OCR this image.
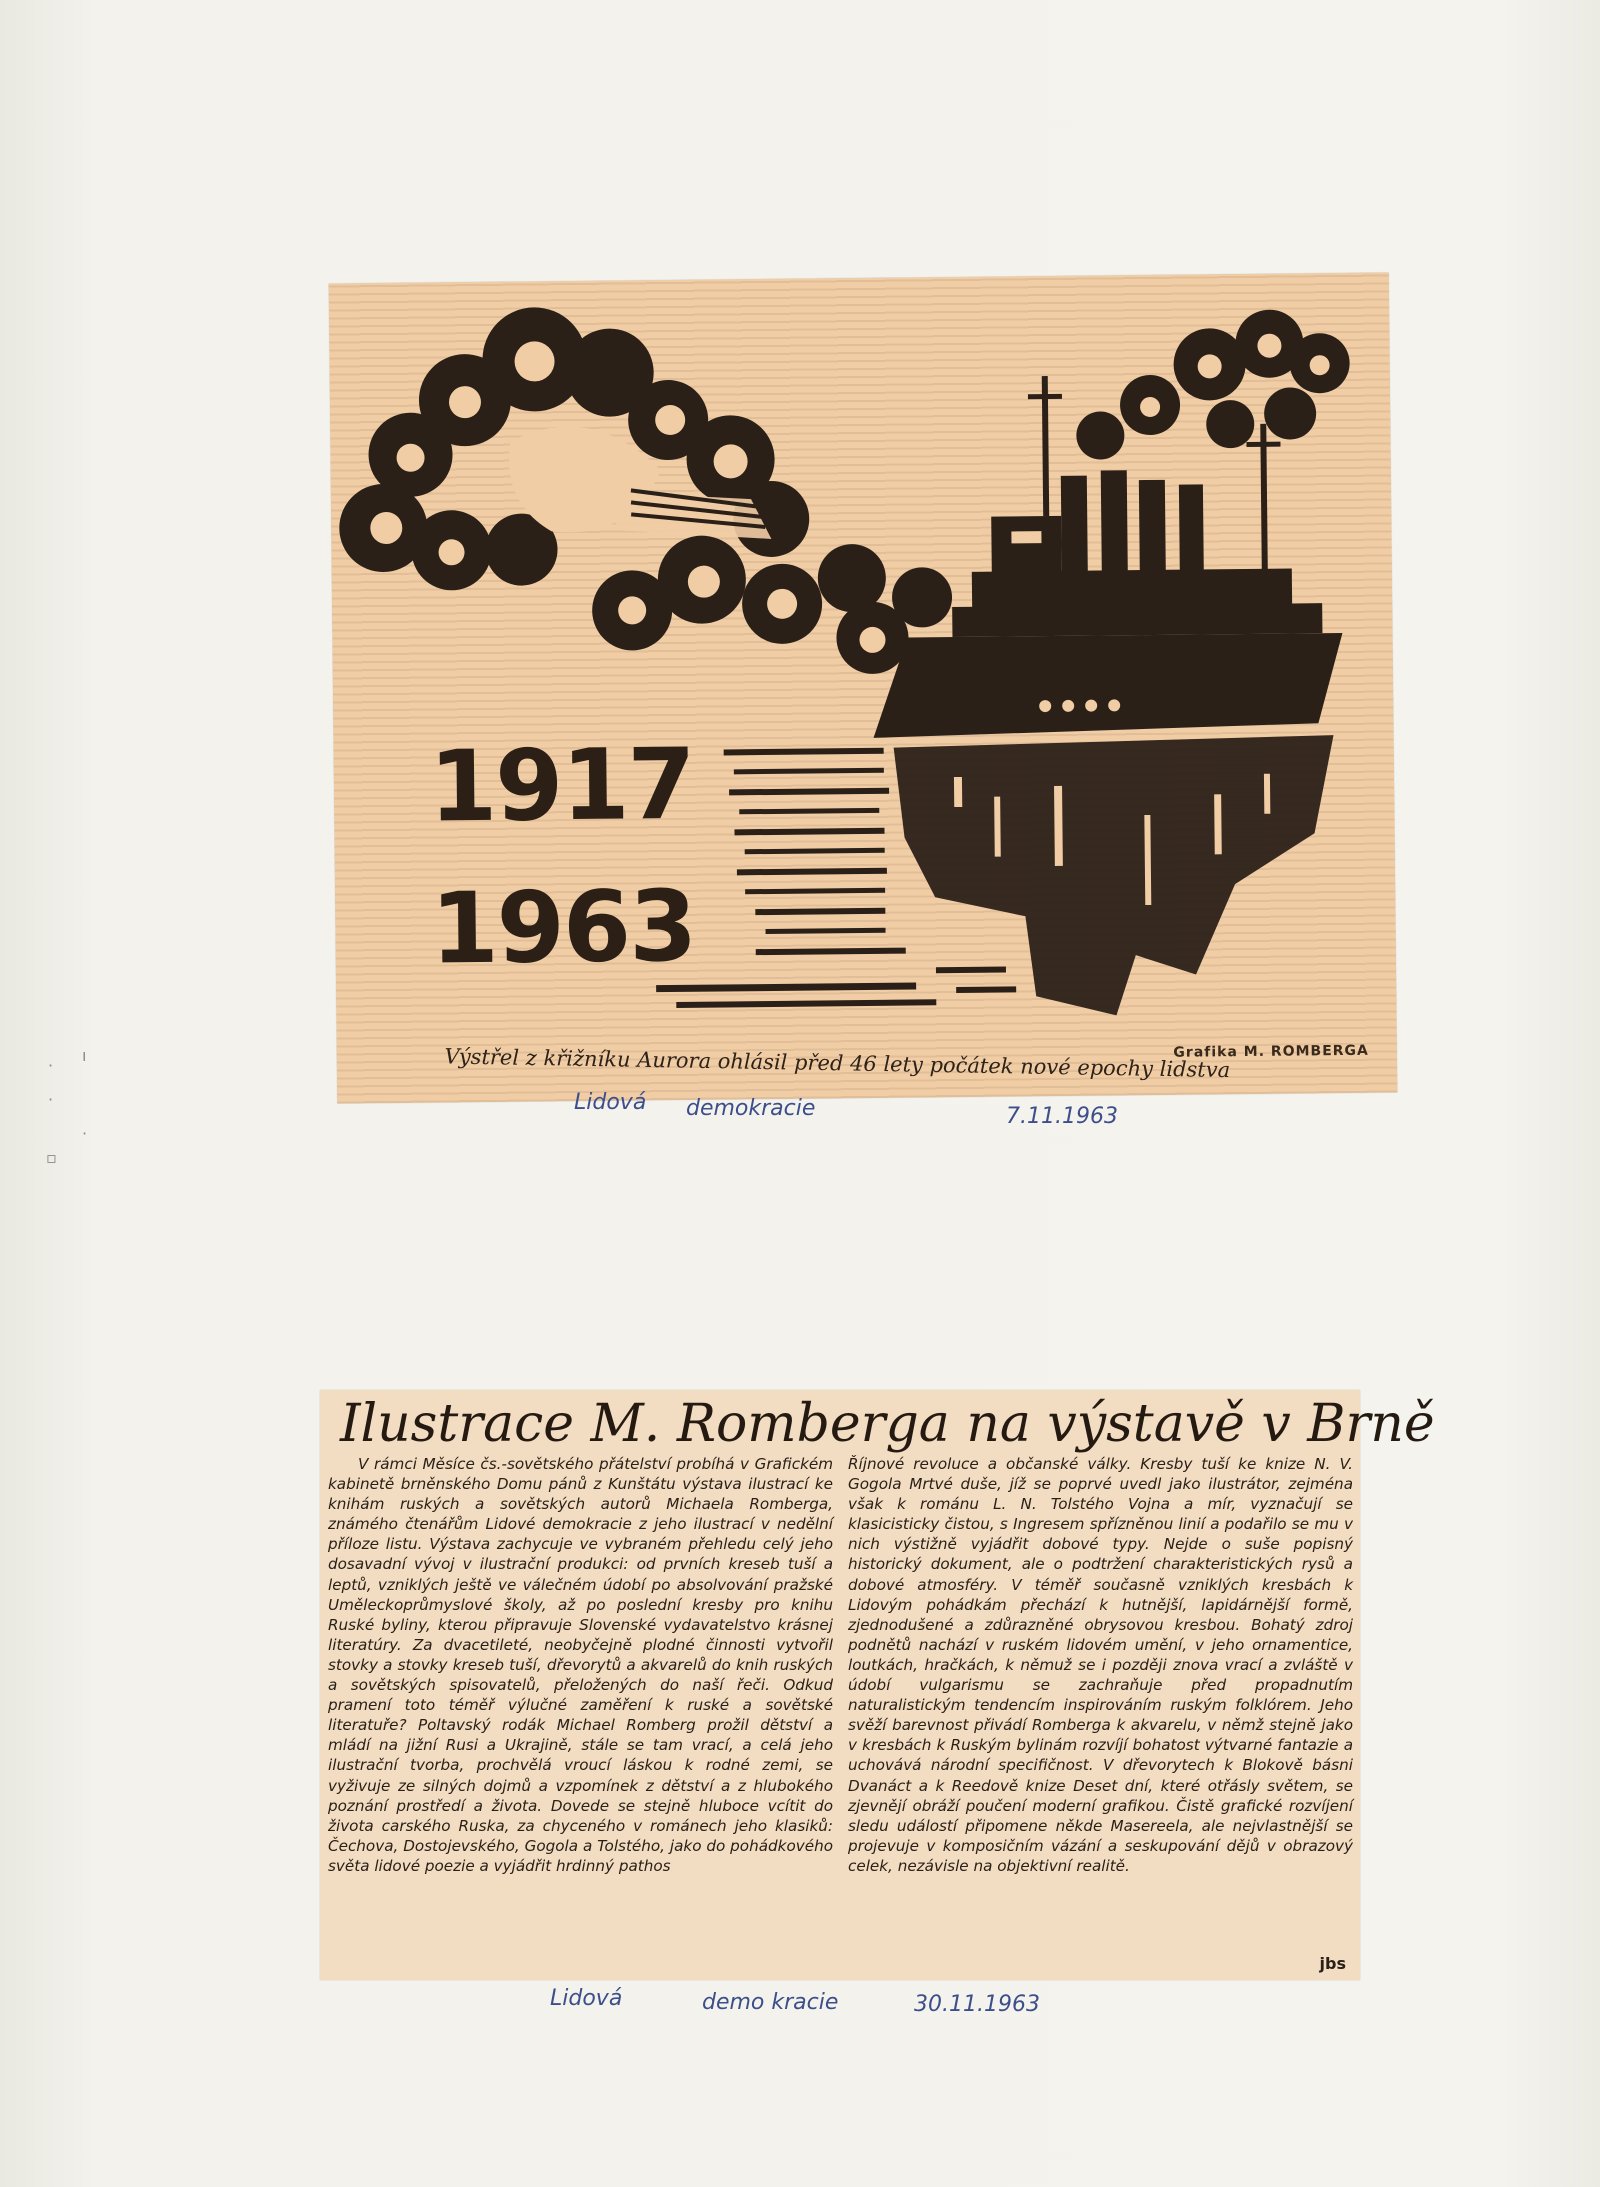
·
ı
·
▫
·
1917
1963
Grafika M. ROMBERGA
Výstřel z křižníku Aurora ohlásil před 46 lety počátek nové epochy lidstva
Lidová demokracie	7.11.1963
Ilustrace M. Romberga na výstavě v Brně
V rámci Měsíce čs.-sovětského přátelství probíhá v Grafickém kabinetě brněnského Domu pánů z Kunštátu výstava ilustrací ke knihám ruských a sovětských autorů Michaela Romberga, známého čtenářům Lidové demokracie z jeho ilustrací v nedělní příloze listu. Výstava zachycuje ve vybraném přehledu celý jeho dosavadní vývoj v ilustrační produkci: od prvních kreseb tuší a leptů, vzniklých ještě ve válečném údobí po absolvování pražské Uměleckoprůmyslové školy, až po poslední kresby pro knihu Ruské byliny, kterou připravuje Slovenské vydavatelstvo krásnej literatúry. Za dvacetileté, neobyčejně plodné činnosti vytvořil stovky a stovky kreseb tuší, dřevorytů a akvarelů do knih ruských a sovětských spisovatelů, přeložených do naší řeči. Odkud pramení toto téměř výlučné zaměření k ruské a sovětské literatuře? Poltavský rodák Michael Romberg prožil dětství a mládí na jižní Rusi a Ukrajině, stále se tam vrací, a celá jeho ilustrační tvorba, prochvělá vroucí láskou k rodné zemi, se vyživuje ze silných dojmů a vzpomínek z dětství a z hlubokého poznání prostředí a života. Dovede se stejně hluboce vcítit do života carského Ruska, za chyceného v románech jeho klasiků: Čechova, Dostojevského, Gogola a Tolstého, jako do pohádkového světa lidové poezie a vyjádřit hrdinný pathos
Říjnové revoluce a občanské války. Kresby tuší ke knize N. V. Gogola Mrtvé duše, jíž se poprvé uvedl jako ilustrátor, zejména však k románu L. N. Tolstého Vojna a mír, vyznačují se klasicisticky čistou, s Ingresem spřízněnou linií a podařilo se mu v nich výstižně vyjádřit dobové typy. Nejde o suše popisný historický dokument, ale o podtržení charakteristických rysů a dobové atmosféry. V téměř současně vzniklých kresbách k Lidovým pohádkám přechází k hutnější, lapidárnější formě, zjednodušené a zdůrazněné obrysovou kresbou. Bohatý zdroj podnětů nachází v ruském lidovém umění, v jeho ornamentice, loutkách, hračkách, k němuž se i později znova vrací a zvláště v údobí vulgarismu se zachraňuje před propadnutím naturalistickým tendencím inspirováním ruským folklórem. Jeho svěží barevnost přivádí Romberga k akvarelu, v němž stejně jako v kresbách k Ruským bylinám rozvíjí bohatost výtvarné fantazie a uchovává národní specifičnost. V dřevorytech k Blokově básni Dvanáct a k Reedově knize Deset dní, které otřásly světem, se zjevnějí obráží poučení moderní grafikou. Čistě grafické rozvíjení sledu událostí připomene někde Masereela, ale nejvlastnější se projevuje v komposičním vázání a seskupování dějů v obrazový celek, nezávisle na objektivní realitě.
jbs
Lidová	demo kracie	30.11.1963
